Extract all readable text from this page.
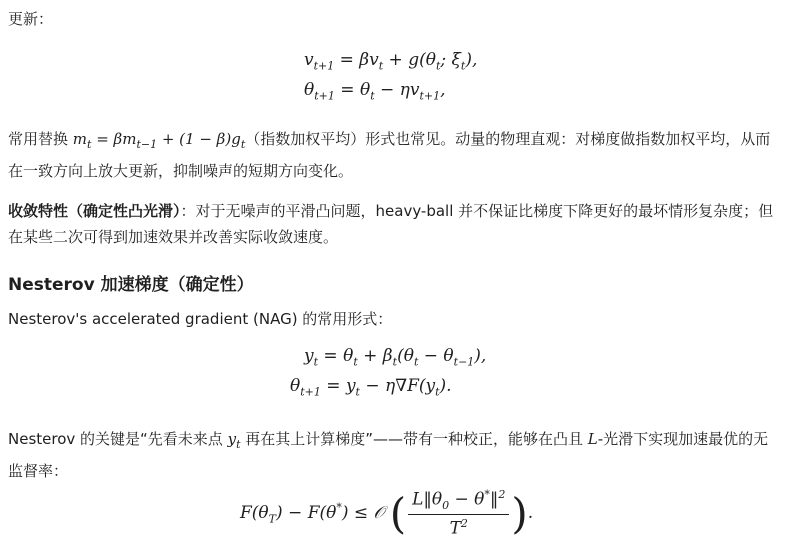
更新：
$v_{t+1} = \beta v_t + g(\theta_t$; $\xi_t$),
$\theta_{t+1} = \theta_t - \eta v_{t+1}$,
常用替换 $m_t = \beta m_{t-1} + (1 - \beta)g_t$（指数加权平均）形式也常见。动量的物理直观：对梯度做指数加权平均，从而在一致方向上放大更新，抑制噪声的短期方向变化。
收敛特性（确定性凸光滑）：对于无噪声的平滑凸问题，heavy-ball 并不保证比梯度下降更好的最坏情形复杂度；但在某些二次可得到加速效果并改善实际收敛速度。
Nesterov 加速梯度（确定性）
Nesterov's accelerated gradient (NAG) 的常用形式：
$y_t = \theta_t + \beta_t(\theta_t - \theta_{t-1})$,
$\theta_{t+1} = y_t - \eta\nabla F(y_t)$.
Nesterov 的关键是“先看未来点 $y_t$ 再在其上计算梯度”——带有一种校正，能够在凸且 L-光滑下实现加速最优的无监督率：
$F(\theta_T) - F(\theta^*)$ ≤ 𝒪 ( $\frac{L‖\theta_0 - \theta^*‖^2}{T^2}$ ).
